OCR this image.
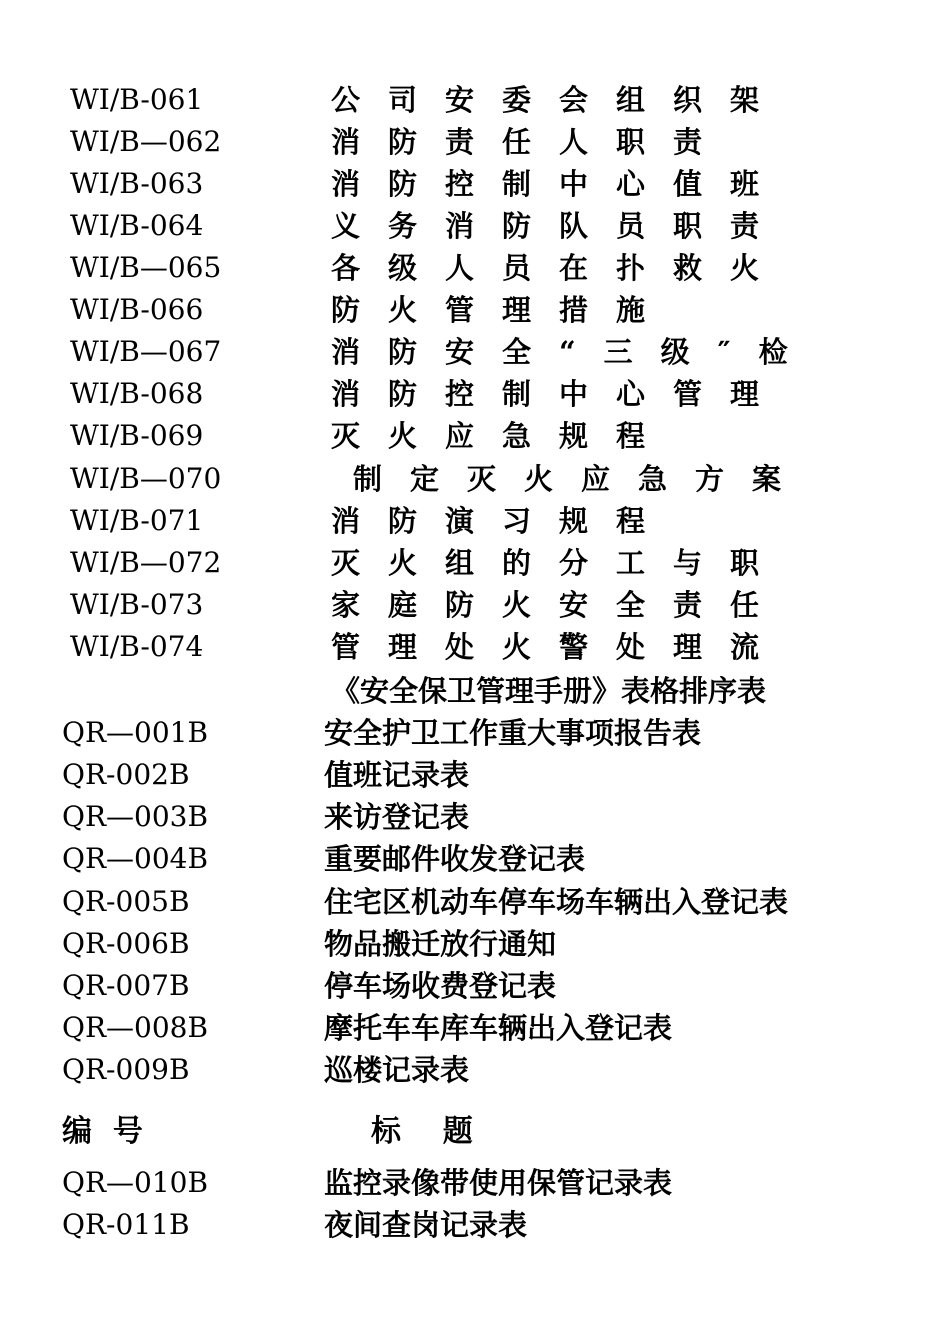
WI/B-061	公司安委会组织架
WI/B—062	消防责任人职责
WI/B-063	消防控制中心值班
WI/B-064	义务消防队员职责
WI/B—065	各级人员在扑救火
WI/B-066	防火管理措施
WI/B—067	消防安全“三级″检
WI/B-068	消防控制中心管理
WI/B-069	灭火应急规程
WI/B—070	制定灭火应急方案
WI/B-071	消防演习规程
WI/B—072	灭火组的分工与职
WI/B-073	家庭防火安全责任
WI/B-074	管理处火警处理流
《安全保卫管理手册》表格排序表
QR—001B	安全护卫工作重大事项报告表
QR-002B	值班记录表
QR—003B	来访登记表
QR—004B	重要邮件收发登记表
QR-005B	住宅区机动车停车场车辆出入登记表
QR-006B	物品搬迁放行通知
QR-007B	停车场收费登记表
QR—008B	摩托车车库车辆出入登记表
QR-009B	巡楼记录表
编  号	标    题
QR—010B	监控录像带使用保管记录表
QR-011B	夜间查岗记录表
